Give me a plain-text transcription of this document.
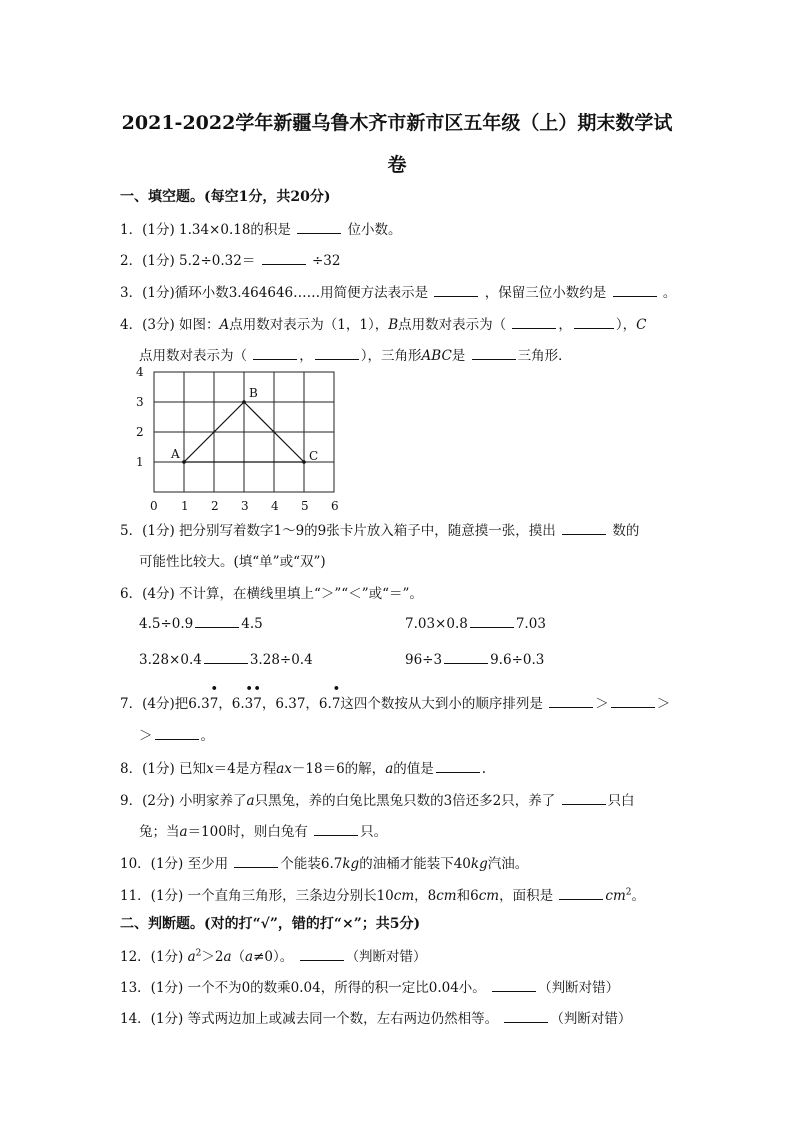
2021-2022学年新疆乌鲁木齐市新市区五年级（上）期末数学试
卷
一、填空题。(每空1分，共20分)
1．(1分) 1.34×0.18的积是	位小数。
2．(1分) 5.2÷0.32＝	÷32
3．(1分)循环小数3.464646……用简便方法表示是	，保留三位小数约是	。
4．(3分) 如图：A点用数对表示为（1，1），B点用数对表示为（	，	），C
点用数对表示为（	，	），三角形ABC是	三角形．
1
2
3
4
0 1 2 3 4 5 6
A
B
C
5．(1分) 把分别写着数字1～9的9张卡片放入箱子中，随意摸一张，摸出	数的
可能性比较大。(填“单”或“双”)
6．(4分) 不计算，在横线里填上“＞”“＜”或“＝”。
4.5÷0.9	4.5	7.03×0.8	7.03
3.28×0.4	3.28÷0.4	96÷3	9.6÷0.3
7．(4分)把6.3
•
7，6.
• •
37，6.37，6.
•
7这四个数按从大到小的顺序排列是	＞	＞
＞	。
8．(1分) 已知x＝4是方程ax－18＝6的解，a的值是	.
9．(2分) 小明家养了a只黑兔，养的白兔比黑兔只数的3倍还多2只，养了	只白
兔；当a＝100时，则白兔有	只。
10．(1分) 至少用	个能装6.7kg的油桶才能装下40kg汽油。
11．(1分) 一个直角三角形，三条边分别长10cm，8cm和6cm，面积是	$cm^2$。
二、判断题。(对的打“√”，错的打“×”；共5分)
12．(1分) $a^2>2a(a\ne 0)$。	（判断对错）
13．(1分) 一个不为0的数乘0.04，所得的积一定比0.04小。	（判断对错）
14．(1分) 等式两边加上或减去同一个数，左右两边仍然相等。	（判断对错）
